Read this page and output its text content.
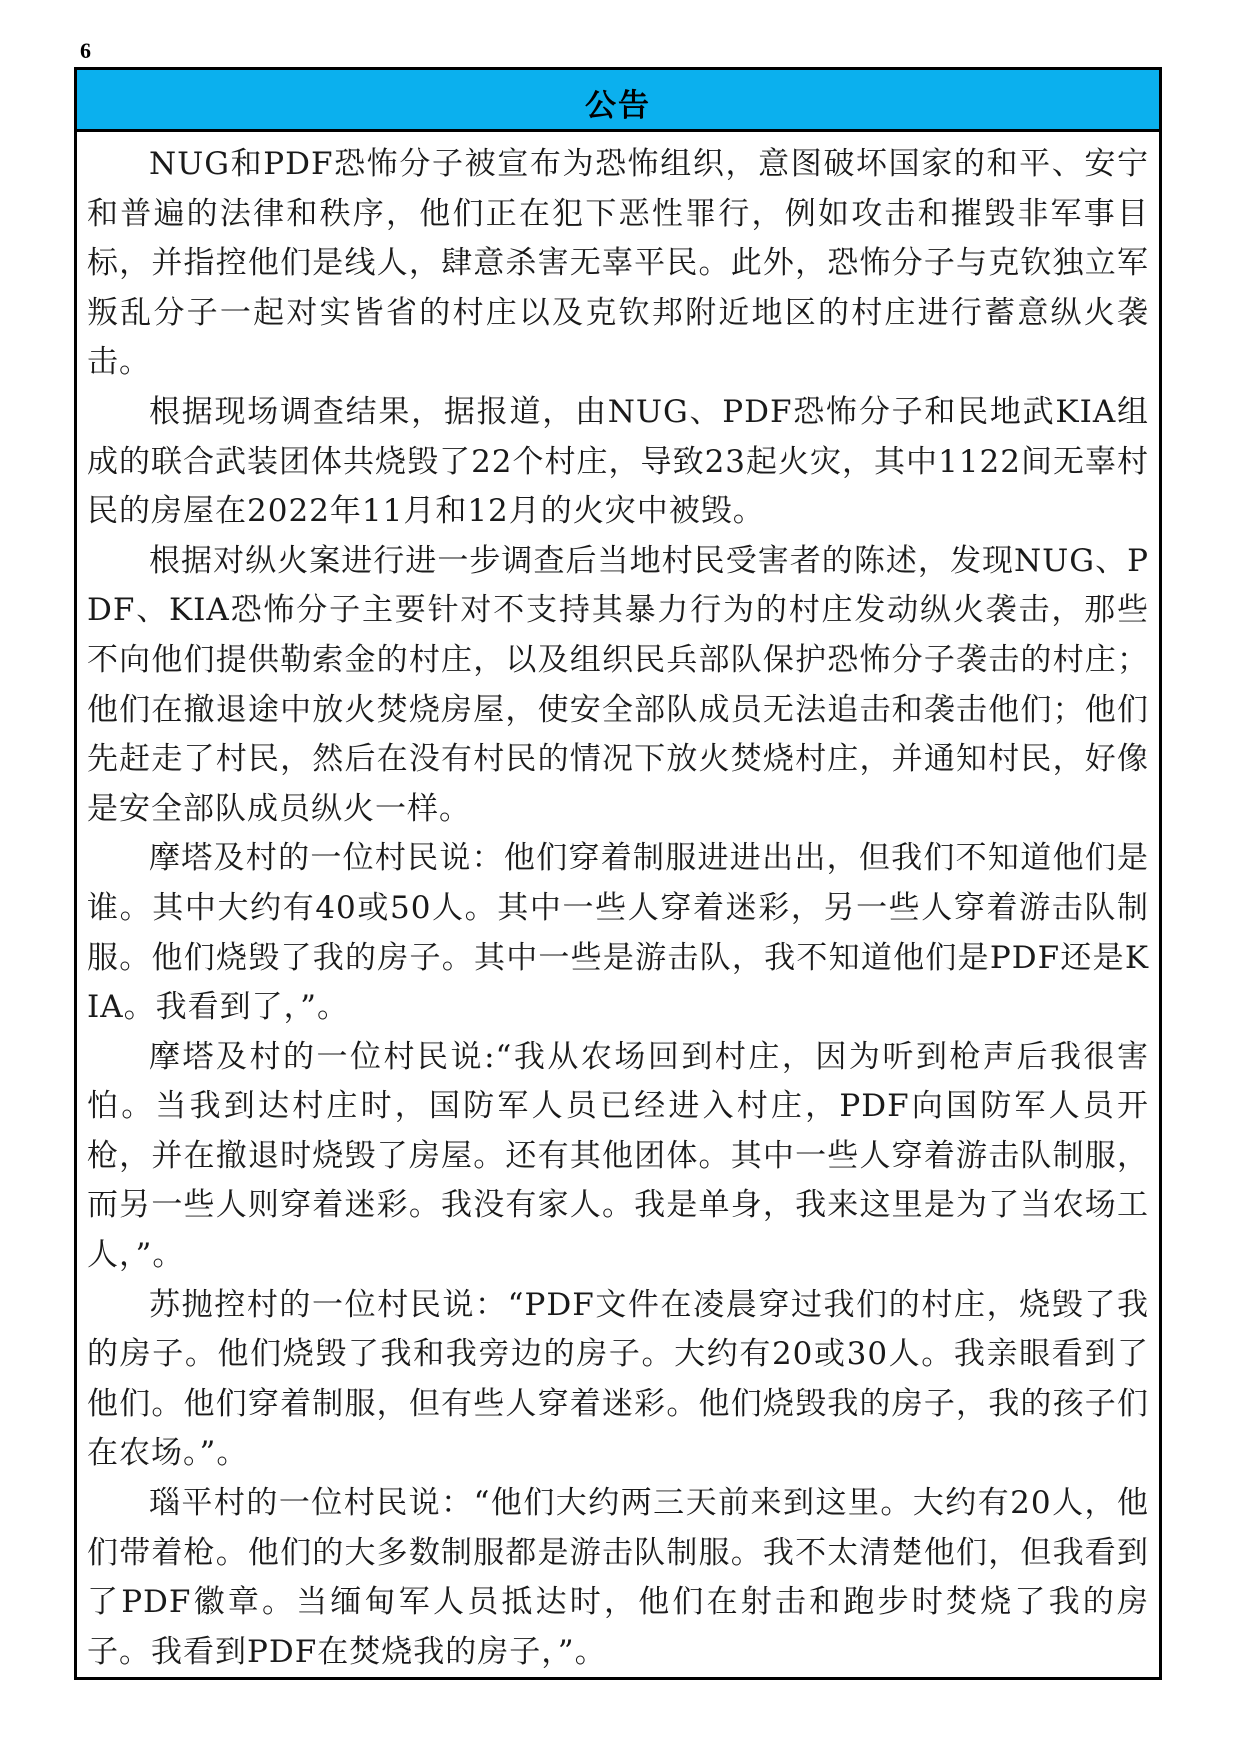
6
公告

NUG和PDF恐怖分子被宣布为恐怖组织，意图破坏国家的和平、安宁和普遍的法律和秩序，他们正在犯下恶性罪行，例如攻击和摧毁非军事目标，并指控他们是线人，肆意杀害无辜平民。此外，恐怖分子与克钦独立军叛乱分子一起对实皆省的村庄以及克钦邦附近地区的村庄进行蓄意纵火袭击。

根据现场调查结果，据报道，由NUG、PDF恐怖分子和民地武KIA组成的联合武装团体共烧毁了22个村庄，导致23起火灾，其中1122间无辜村民的房屋在2022年11月和12月的火灾中被毁。

根据对纵火案进行进一步调查后当地村民受害者的陈述，发现NUG、PDF、KIA恐怖分子主要针对不支持其暴力行为的村庄发动纵火袭击，那些不向他们提供勒索金的村庄，以及组织民兵部队保护恐怖分子袭击的村庄；他们在撤退途中放火焚烧房屋，使安全部队成员无法追击和袭击他们；他们先赶走了村民，然后在没有村民的情况下放火焚烧村庄，并通知村民，好像是安全部队成员纵火一样。

摩塔及村的一位村民说：他们穿着制服进进出出，但我们不知道他们是谁。其中大约有40或50人。其中一些人穿着迷彩，另一些人穿着游击队制服。他们烧毁了我的房子。其中一些是游击队，我不知道他们是PDF还是KIA。我看到了，”。

摩塔及村的一位村民说:“我从农场回到村庄，因为听到枪声后我很害怕。当我到达村庄时，国防军人员已经进入村庄，PDF向国防军人员开枪，并在撤退时烧毁了房屋。还有其他团体。其中一些人穿着游击队制服，而另一些人则穿着迷彩。我没有家人。我是单身，我来这里是为了当农场工人，”。

苏抛控村的一位村民说：“PDF文件在凌晨穿过我们的村庄，烧毁了我的房子。他们烧毁了我和我旁边的房子。大约有20或30人。我亲眼看到了他们。他们穿着制服，但有些人穿着迷彩。他们烧毁我的房子，我的孩子们在农场。”。

瑙平村的一位村民说：“他们大约两三天前来到这里。大约有20人，他们带着枪。他们的大多数制服都是游击队制服。我不太清楚他们，但我看到了PDF徽章。当缅甸军人员抵达时，他们在射击和跑步时焚烧了我的房子。我看到PDF在焚烧我的房子，”。
